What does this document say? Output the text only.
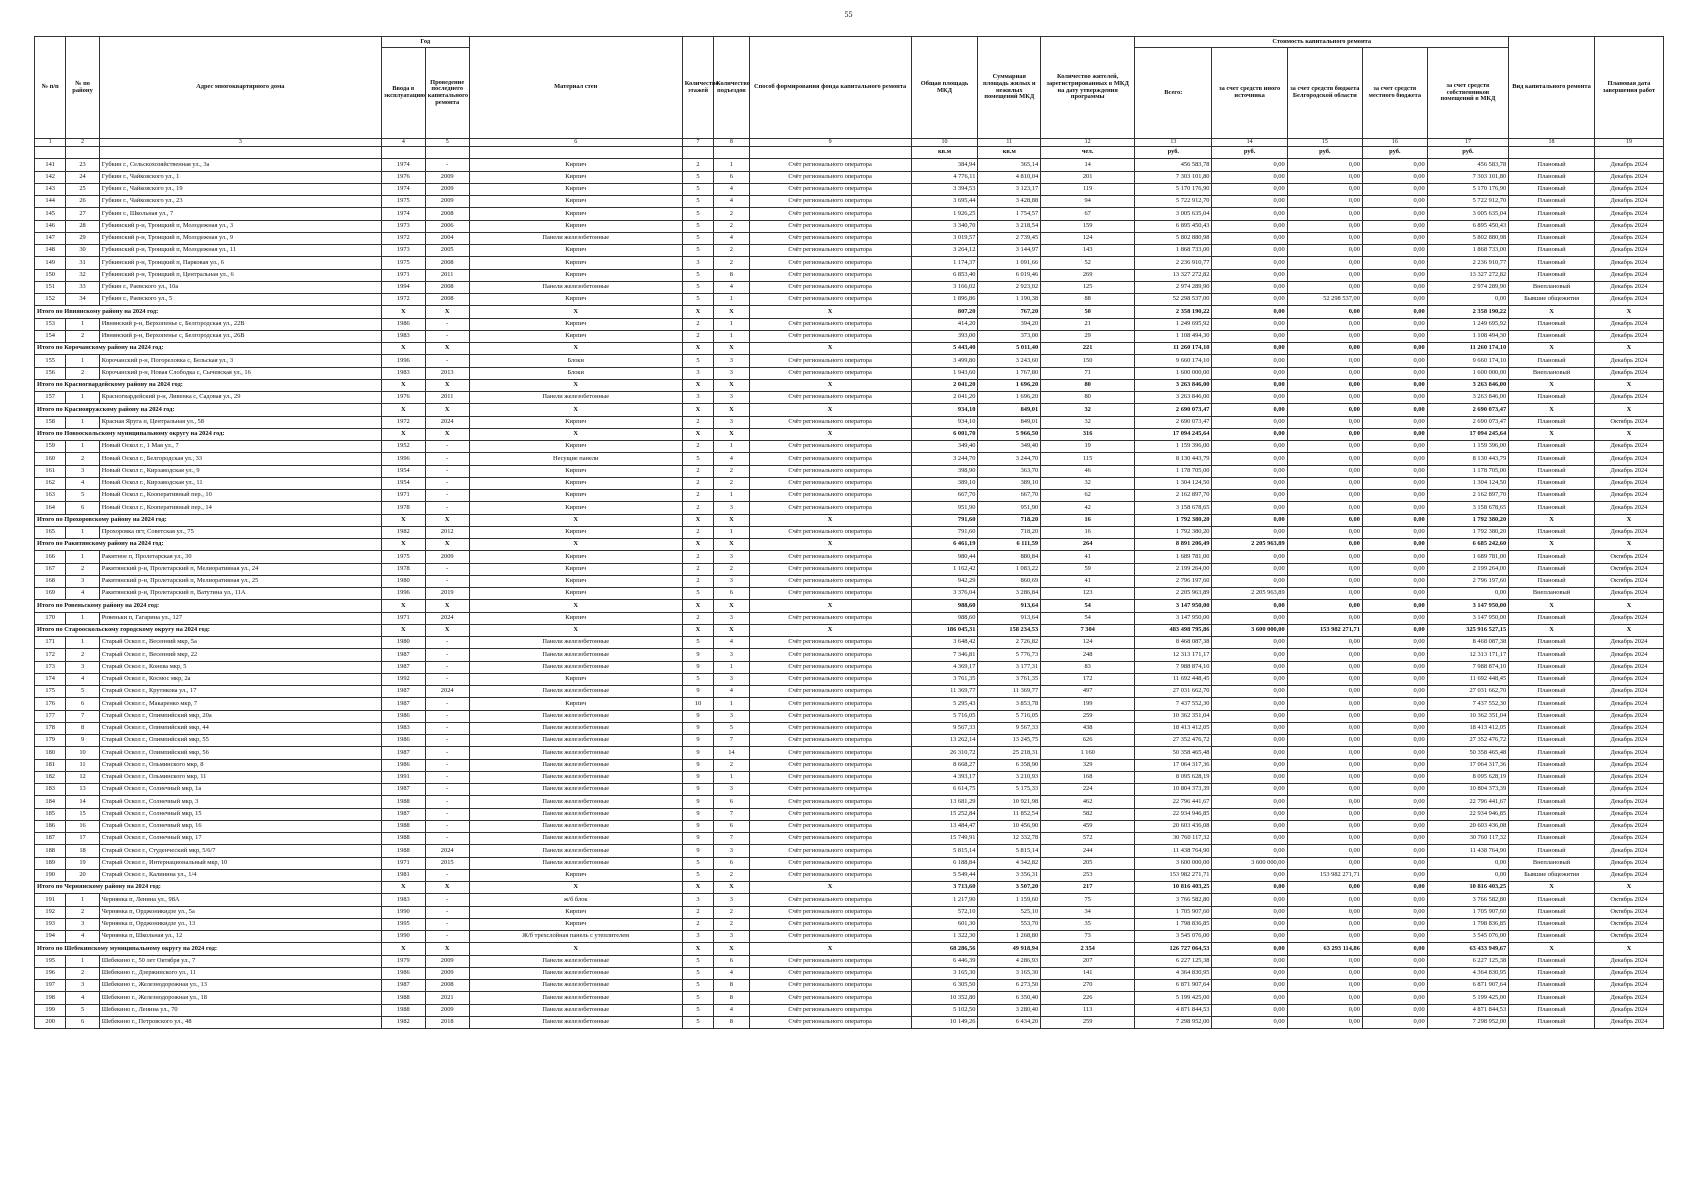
55
№ п/п	№ по району	Адрес многоквартирного дома	Год		Материал стен	Количество этажей	Количество подъездов	Способ формирования фонда капитального ремонта	Общая площадь МКД	Суммарная площадь жилых и нежилых помещений МКД	Количество жителей, зарегистрированных в МКД на дату утверждения программы	Стоимость капитального ремонта					Вид капитального ремонта	Плановая дата завершения работ
			Ввода в эксплуатацию	Проведение последнего капитального ремонта								Всего:	за счет средств иного источника	за счет средств бюджета Белгородской области	за счет средств местного бюджета	за счет средств собственников помещений в МКД		
1	2	3	4	5	6	7	8	9	10	11	12	13	14	15	16	17	18	19
									кв.м	кв.м	чел.	руб.	руб.	руб.	руб.	руб.		
141	23	Губкин г., Сельскохозяйственная ул., 3а	1974	-	Кирпич	2	1	Счёт регионального оператора	384,94	365,14	14	456 583,78	0,00	0,00	0,00	456 583,78	Плановый	Декабрь 2024
142	24	Губкин г., Чайковского ул., 1	1976	2009	Кирпич	5	6	Счёт регионального оператора	4 776,11	4 810,04	201	7 303 101,80	0,00	0,00	0,00	7 303 101,80	Плановый	Декабрь 2024
143	25	Губкин г., Чайковского ул., 19	1974	2009	Кирпич	5	4	Счёт регионального оператора	3 394,53	3 123,17	119	5 170 176,90	0,00	0,00	0,00	5 170 176,90	Плановый	Декабрь 2024
144	26	Губкин г., Чайковского ул., 23	1975	2009	Кирпич	5	4	Счёт регионального оператора	3 695,44	3 428,88	94	5 722 912,70	0,00	0,00	0,00	5 722 912,70	Плановый	Декабрь 2024
145	27	Губкин г., Школьная ул., 7	1974	2008	Кирпич	5	2	Счёт регионального оператора	1 926,25	1 754,57	67	3 005 635,04	0,00	0,00	0,00	3 005 635,04	Плановый	Декабрь 2024
146	28	Губкинский р-н, Троицкий п, Молодежная ул., 3	1973	2006	Кирпич	5	2	Счёт регионального оператора	3 340,70	3 218,54	159	6 895 450,43	0,00	0,00	0,00	6 895 450,43	Плановый	Декабрь 2024
147	29	Губкинский р-н, Троицкий п, Молодежная ул., 9	1972	2004	Панели железобетонные	5	4	Счёт регионального оператора	3 019,57	2 739,45	124	5 802 880,98	0,00	0,00	0,00	5 802 880,98	Плановый	Декабрь 2024
148	30	Губкинский р-н, Троицкий п, Молодежная ул., 11	1973	2005	Кирпич	5	2	Счёт регионального оператора	3 264,12	3 144,97	143	1 868 733,00	0,00	0,00	0,00	1 868 733,00	Плановый	Декабрь 2024
149	31	Губкинский р-н, Троицкий п, Парковая ул., 6	1975	2008	Кирпич	3	2	Счёт регионального оператора	1 174,37	1 091,66	52	2 236 910,77	0,00	0,00	0,00	2 236 910,77	Плановый	Декабрь 2024
150	32	Губкинский р-н, Троицкий п, Центральная ул., 6	1971	2011	Кирпич	5	8	Счёт регионального оператора	6 853,40	6 019,46	269	13 327 272,82	0,00	0,00	0,00	13 327 272,82	Плановый	Декабрь 2024
151	33	Губкин г., Раевского ул., 10а	1994	2008	Панели железобетонные	5	4	Счёт регионального оператора	3 166,02	2 923,02	125	2 974 289,90	0,00	0,00	0,00	2 974 289,90	Внеплановый	Декабрь 2024
152	34	Губкин г., Раевского ул., 5	1972	2008	Кирпич	5	1	Счёт регионального оператора	1 896,86	1 190,38	88	52 298 537,00	0,00	52 298 537,00	0,00	0,00	Бывшие общежития	Декабрь 2024
Итого по Ивнянскому району на 2024 год:			X	X	X	X	X	X	807,20	767,20	50	2 358 190,22	0,00	0,00	0,00	2 358 190,22	X	X
153	1	Ивнянский р-н, Верхопенье с, Белгородская ул., 22В	1986	-	Кирпич	2	1	Счёт регионального оператора	414,20	394,20	21	1 249 695,92	0,00	0,00	0,00	1 249 695,92	Плановый	Декабрь 2024
154	2	Ивнянский р-н, Верхопенье с, Белгородская ул., 26В	1983	-	Кирпич	2	1	Счёт регионального оператора	393,00	373,00	29	1 108 494,30	0,00	0,00	0,00	1 108 494,30	Плановый	Декабрь 2024
Итого по Корочанскому району на 2024 год:			X	X	X	X	X	X	5 443,40	5 011,40	221	11 260 174,10	0,00	0,00	0,00	11 260 174,10	X	X
155	1	Корочанский р-н, Погореловка с, Бельская ул., 3	1996	-	Блоки	5	3	Счёт регионального оператора	3 499,80	3 243,60	150	9 660 174,10	0,00	0,00	0,00	9 660 174,10	Плановый	Декабрь 2024
156	2	Корочанский р-н, Новая Слободка с, Сычевская ул., 16	1983	2013	Блоки	3	3	Счёт регионального оператора	1 943,60	1 767,80	71	1 600 000,00	0,00	0,00	0,00	1 600 000,00	Внеплановый	Декабрь 2024
Итого по Красногвардейскому району на 2024 год:			X	X	X	X	X	X	2 041,20	1 696,20	80	3 263 846,00	0,00	0,00	0,00	3 263 846,00	X	X
157	1	Красногвардейский р-н, Ливенка с, Садовая ул., 29	1976	2011	Панели железобетонные	3	3	Счёт регионального оператора	2 041,20	1 696,20	80	3 263 846,00	0,00	0,00	0,00	3 263 846,00	Плановый	Декабрь 2024
Итого по Краснояружскому району на 2024 год:			X	X	X	X	X	X	934,10	849,01	32	2 690 073,47	0,00	0,00	0,00	2 690 073,47	X	X
158	1	Красная Яруга п, Центральная ул., 58	1972	2024	Кирпич	2	3	Счёт регионального оператора	934,10	849,01	32	2 690 073,47	0,00	0,00	0,00	2 690 073,47	Плановый	Октябрь 2024
Итого по Новооскольскому муниципальному округу на 2024 год:			X	X	X	X	X	X	6 001,70	5 966,50	316	17 094 245,64	0,00	0,00	0,00	17 094 245,64	X	X
159	1	Новый Оскол г., 1 Мая ул., 7	1952	-	Кирпич	2	1	Счёт регионального оператора	349,40	349,40	19	1 159 396,00	0,00	0,00	0,00	1 159 396,00	Плановый	Декабрь 2024
160	2	Новый Оскол г., Белгородская ул., 33	1996	-	Несущие панели	5	4	Счёт регионального оператора	3 244,70	3 244,70	115	8 130 443,79	0,00	0,00	0,00	8 130 443,79	Плановый	Декабрь 2024
161	3	Новый Оскол г., Кирзаводская ул., 9	1954	-	Кирпич	2	2	Счёт регионального оператора	398,90	363,70	46	1 178 705,00	0,00	0,00	0,00	1 178 705,00	Плановый	Декабрь 2024
162	4	Новый Оскол г., Кирзаводская ул., 11	1954	-	Кирпич	2	2	Счёт регионального оператора	389,10	389,10	32	1 304 124,50	0,00	0,00	0,00	1 304 124,50	Плановый	Декабрь 2024
163	5	Новый Оскол г., Кооперативный пер., 10	1971	-	Кирпич	2	1	Счёт регионального оператора	667,70	667,70	62	2 162 897,70	0,00	0,00	0,00	2 162 897,70	Плановый	Декабрь 2024
164	6	Новый Оскол г., Кооперативный пер., 14	1978	-	Кирпич	2	3	Счёт регионального оператора	951,90	951,90	42	3 158 678,65	0,00	0,00	0,00	3 158 678,65	Плановый	Декабрь 2024
Итого по Прохоровскому району на 2024 год:			X	X	X	X	X	X	791,60	718,20	16	1 792 380,20	0,00	0,00	0,00	1 792 380,20	X	X
165	1	Прохоровка пгт, Советская ул., 75	1982	2012	Кирпич	2	1	Счёт регионального оператора	791,60	718,20	16	1 792 380,20	0,00	0,00	0,00	1 792 380,20	Плановый	Декабрь 2024
Итого по Ракитянскому району на 2024 год:			X	X	X	X	X	X	6 461,19	6 111,59	264	8 891 206,49	2 205 963,89	0,00	0,00	6 685 242,60	X	X
166	1	Ракитное п, Пролетарская ул., 30	1975	2009	Кирпич	2	3	Счёт регионального оператора	980,44	880,84	41	1 689 781,00	0,00	0,00	0,00	1 689 781,00	Плановый	Октябрь 2024
167	2	Ракитянский р-н, Пролетарский п, Мелиоративная ул., 24	1978	-	Кирпич	2	2	Счёт регионального оператора	1 162,42	1 083,22	59	2 199 264,00	0,00	0,00	0,00	2 199 264,00	Плановый	Октябрь 2024
168	3	Ракитянский р-н, Пролетарский п, Мелиоративная ул., 25	1980	-	Кирпич	2	3	Счёт регионального оператора	942,29	860,69	41	2 796 197,60	0,00	0,00	0,00	2 796 197,60	Плановый	Октябрь 2024
169	4	Ракитянский р-н, Пролетарский п, Ватутина ул., 11А	1996	2019	Кирпич	5	6	Счёт регионального оператора	3 376,04	3 286,84	123	2 205 963,89	2 205 963,89	0,00	0,00	0,00	Внеплановый	Декабрь 2024
Итого по Ровеньскому району на 2024 год:			X	X	X	X	X	X	988,60	913,64	54	3 147 950,00	0,00	0,00	0,00	3 147 950,00	X	X
170	1	Ровеньки п, Гагарина ул., 127	1971	2024	Кирпич	2	3	Счёт регионального оператора	988,60	913,64	54	3 147 950,00	0,00	0,00	0,00	3 147 950,00	Плановый	Декабрь 2024
Итого по Старооскольскому городскому округу на 2024 год:			X	X	X	X	X	X	186 045,31	158 234,53	7 304	483 498 795,86	3 600 000,00	153 982 271,71	0,00	325 916 527,15	X	X
171	1	Старый Оскол г., Весенний мкр, 5а	1980	-	Панели железобетонные	5	4	Счёт регионального оператора	3 648,42	2 726,82	124	8 468 087,38	0,00	0,00	0,00	8 468 087,38	Плановый	Декабрь 2024
172	2	Старый Оскол г., Весенний мкр, 22	1987	-	Панели железобетонные	9	3	Счёт регионального оператора	7 346,81	5 776,73	248	12 313 171,17	0,00	0,00	0,00	12 313 171,17	Плановый	Декабрь 2024
173	3	Старый Оскол г., Конева мкр, 5	1987	-	Панели железобетонные	9	1	Счёт регионального оператора	4 369,17	3 177,31	83	7 988 874,10	0,00	0,00	0,00	7 988 874,10	Плановый	Декабрь 2024
174	4	Старый Оскол г., Космос мкр, 2а	1992	-	Кирпич	5	3	Счёт регионального оператора	3 761,35	3 761,35	172	11 692 448,45	0,00	0,00	0,00	11 692 448,45	Плановый	Декабрь 2024
175	5	Старый Оскол г., Крутикова ул., 17	1987	2024	Панели железобетонные	9	4	Счёт регионального оператора	11 369,77	11 369,77	497	27 031 662,70	0,00	0,00	0,00	27 031 662,70	Плановый	Декабрь 2024
176	6	Старый Оскол г., Макаренко мкр, 7	1987	-	Кирпич	10	1	Счёт регионального оператора	5 295,43	3 853,78	199	7 437 552,30	0,00	0,00	0,00	7 437 552,30	Плановый	Декабрь 2024
177	7	Старый Оскол г., Олимпийский мкр, 20а	1986	-	Панели железобетонные	9	3	Счёт регионального оператора	5 716,05	5 716,05	259	10 362 351,04	0,00	0,00	0,00	10 362 351,04	Плановый	Декабрь 2024
178	8	Старый Оскол г., Олимпийский мкр, 44	1983	-	Панели железобетонные	9	5	Счёт регионального оператора	9 567,33	9 567,33	438	18 413 412,05	0,00	0,00	0,00	18 413 412,05	Плановый	Декабрь 2024
179	9	Старый Оскол г., Олимпийский мкр, 55	1986	-	Панели железобетонные	9	7	Счёт регионального оператора	13 262,14	13 245,75	626	27 352 476,72	0,00	0,00	0,00	27 352 476,72	Плановый	Декабрь 2024
180	10	Старый Оскол г., Олимпийский мкр, 56	1987	-	Панели железобетонные	9	14	Счёт регионального оператора	26 310,72	25 218,31	1 160	50 358 465,48	0,00	0,00	0,00	50 358 465,48	Плановый	Декабрь 2024
181	11	Старый Оскол г., Ольминского мкр, 8	1986	-	Панели железобетонные	9	2	Счёт регионального оператора	8 668,27	6 358,90	329	17 064 317,36	0,00	0,00	0,00	17 064 317,36	Плановый	Декабрь 2024
182	12	Старый Оскол г., Ольминского мкр, 11	1991	-	Панели железобетонные	9	1	Счёт регионального оператора	4 393,17	3 210,93	168	8 095 628,19	0,00	0,00	0,00	8 095 628,19	Плановый	Декабрь 2024
183	13	Старый Оскол г., Солнечный мкр, 1а	1987	-	Панели железобетонные	9	3	Счёт регионального оператора	6 614,75	5 175,33	224	10 804 373,39	0,00	0,00	0,00	10 804 373,39	Плановый	Декабрь 2024
184	14	Старый Оскол г., Солнечный мкр, 3	1988	-	Панели железобетонные	9	6	Счёт регионального оператора	13 681,29	10 921,98	462	22 796 441,67	0,00	0,00	0,00	22 796 441,67	Плановый	Декабрь 2024
185	15	Старый Оскол г., Солнечный мкр, 15	1987	-	Панели железобетонные	9	7	Счёт регионального оператора	15 252,84	11 852,54	582	22 934 946,85	0,00	0,00	0,00	22 934 946,85	Плановый	Декабрь 2024
186	16	Старый Оскол г., Солнечный мкр, 16	1988	-	Панели железобетонные	9	6	Счёт регионального оператора	13 484,47	10 456,90	459	20 603 436,08	0,00	0,00	0,00	20 603 436,08	Плановый	Декабрь 2024
187	17	Старый Оскол г., Солнечный мкр, 17	1988	-	Панели железобетонные	9	7	Счёт регионального оператора	15 749,91	12 332,78	572	30 760 117,32	0,00	0,00	0,00	30 760 117,32	Плановый	Декабрь 2024
188	18	Старый Оскол г., Студенческий мкр, 5/6/7	1988	2024	Панели железобетонные	9	3	Счёт регионального оператора	5 815,14	5 815,14	244	11 438 764,90	0,00	0,00	0,00	11 438 764,90	Плановый	Декабрь 2024
189	19	Старый Оскол г., Интернациональный мкр, 10	1971	2015	Панели железобетонные	5	6	Счёт регионального оператора	6 188,84	4 342,82	205	3 600 000,00	3 600 000,00	0,00	0,00	0,00	Внеплановый	Декабрь 2024
190	20	Старый Оскол г., Калинина ул., 1/4	1981	-	Кирпич	5	2	Счёт регионального оператора	5 549,44	3 356,31	253	153 982 271,71	0,00	153 982 271,71	0,00	0,00	Бывшие общежития	Декабрь 2024
Итого по Чернянскому району на 2024 год:			X	X	X	X	X	X	3 713,60	3 507,20	217	10 816 403,25	0,00	0,00	0,00	10 816 403,25	X	X
191	1	Чернянка п, Ленина ул., 98А	1983	-	ж/б блок	3	3	Счёт регионального оператора	1 217,90	1 159,60	75	3 766 582,80	0,00	0,00	0,00	3 766 582,80	Плановый	Октябрь 2024
192	2	Чернянка п, Орджоникидзе ул., 5а	1990	-	Кирпич	2	2	Счёт регионального оператора	572,10	525,10	34	1 705 907,60	0,00	0,00	0,00	1 705 907,60	Плановый	Октябрь 2024
193	3	Чернянка п, Орджоникидзе ул., 13	1995	-	Кирпич	2	2	Счёт регионального оператора	601,30	553,70	35	1 798 836,85	0,00	0,00	0,00	1 798 836,85	Плановый	Октябрь 2024
194	4	Чернянка п, Школьная ул., 12	1990	-	Ж/б трехслойная панель с утеплителем	3	3	Счёт регионального оператора	1 322,30	1 268,80	73	3 545 076,00	0,00	0,00	0,00	3 545 076,00	Плановый	Октябрь 2024
Итого по Шебекинскому муниципальному округу на 2024 год:			X	X	X	X	X	X	68 286,56	49 918,94	2 354	126 727 064,53	0,00	63 293 114,86	0,00	63 433 949,67	X	X
195	1	Шебекино г., 50 лет Октября ул., 7	1979	2009	Панели железобетонные	5	6	Счёт регионального оператора	6 446,39	4 286,93	207	6 227 125,38	0,00	0,00	0,00	6 227 125,38	Плановый	Декабрь 2024
196	2	Шебекино г., Дзержинского ул., 11	1986	2009	Панели железобетонные	5	4	Счёт регионального оператора	3 165,30	3 165,30	141	4 364 830,95	0,00	0,00	0,00	4 364 830,95	Плановый	Декабрь 2024
197	3	Шебекино г., Железнодорожная ул., 13	1987	2008	Панели железобетонные	5	8	Счёт регионального оператора	6 305,50	6 273,50	270	6 871 907,64	0,00	0,00	0,00	6 871 907,64	Плановый	Декабрь 2024
198	4	Шебекино г., Железнодорожная ул., 18	1988	2021	Панели железобетонные	5	8	Счёт регионального оператора	10 352,80	6 350,40	226	5 199 425,00	0,00	0,00	0,00	5 199 425,00	Плановый	Декабрь 2024
199	5	Шебекино г., Ленина ул., 70	1988	2009	Панели железобетонные	5	4	Счёт регионального оператора	5 102,50	3 280,40	113	4 871 844,53	0,00	0,00	0,00	4 871 844,53	Плановый	Декабрь 2024
200	6	Шебекино г., Петровского ул., 48	1982	2018	Панели железобетонные	5	8	Счёт регионального оператора	10 149,26	6 434,20	259	7 298 952,00	0,00	0,00	0,00	7 298 952,00	Плановый	Декабрь 2024
